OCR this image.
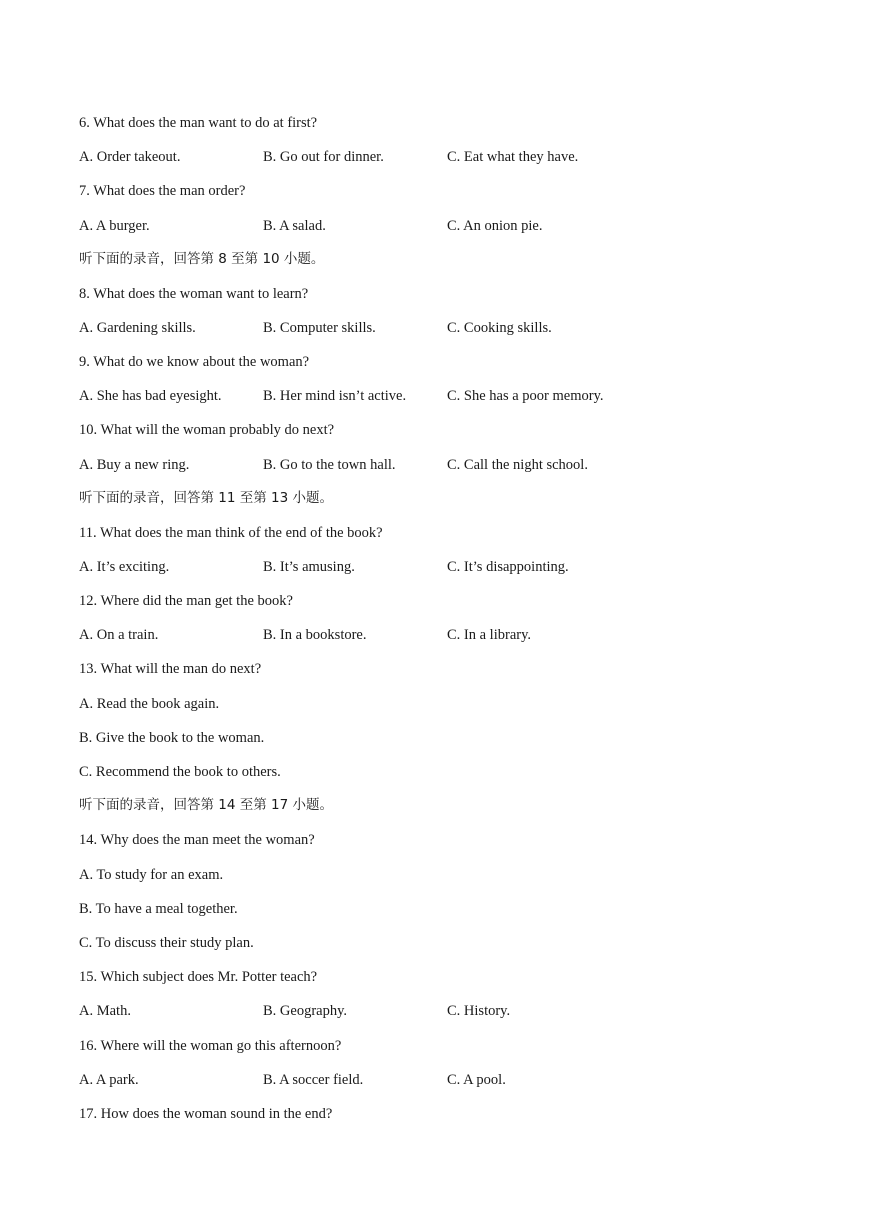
6. What does the man want to do at first?
A. Order takeout.	B. Go out for dinner.	C. Eat what they have.
7. What does the man order?
A. A burger.	B. A salad.	C. An onion pie.
听下面的录音，回答第 8 至第 10 小题。
8. What does the woman want to learn?
A. Gardening skills.	B. Computer skills.	C. Cooking skills.
9. What do we know about the woman?
A. She has bad eyesight.	B. Her mind isn’t active.	C. She has a poor memory.
10. What will the woman probably do next?
A. Buy a new ring.	B. Go to the town hall.	C. Call the night school.
听下面的录音，回答第 11 至第 13 小题。
11. What does the man think of the end of the book?
A. It’s exciting.	B. It’s amusing.	C. It’s disappointing.
12. Where did the man get the book?
A. On a train.	B. In a bookstore.	C. In a library.
13. What will the man do next?
A. Read the book again.
B. Give the book to the woman.
C. Recommend the book to others.
听下面的录音，回答第 14 至第 17 小题。
14. Why does the man meet the woman?
A. To study for an exam.
B. To have a meal together.
C. To discuss their study plan.
15. Which subject does Mr. Potter teach?
A. Math.	B. Geography.	C. History.
16. Where will the woman go this afternoon?
A. A park.	B. A soccer field.	C. A pool.
17. How does the woman sound in the end?
